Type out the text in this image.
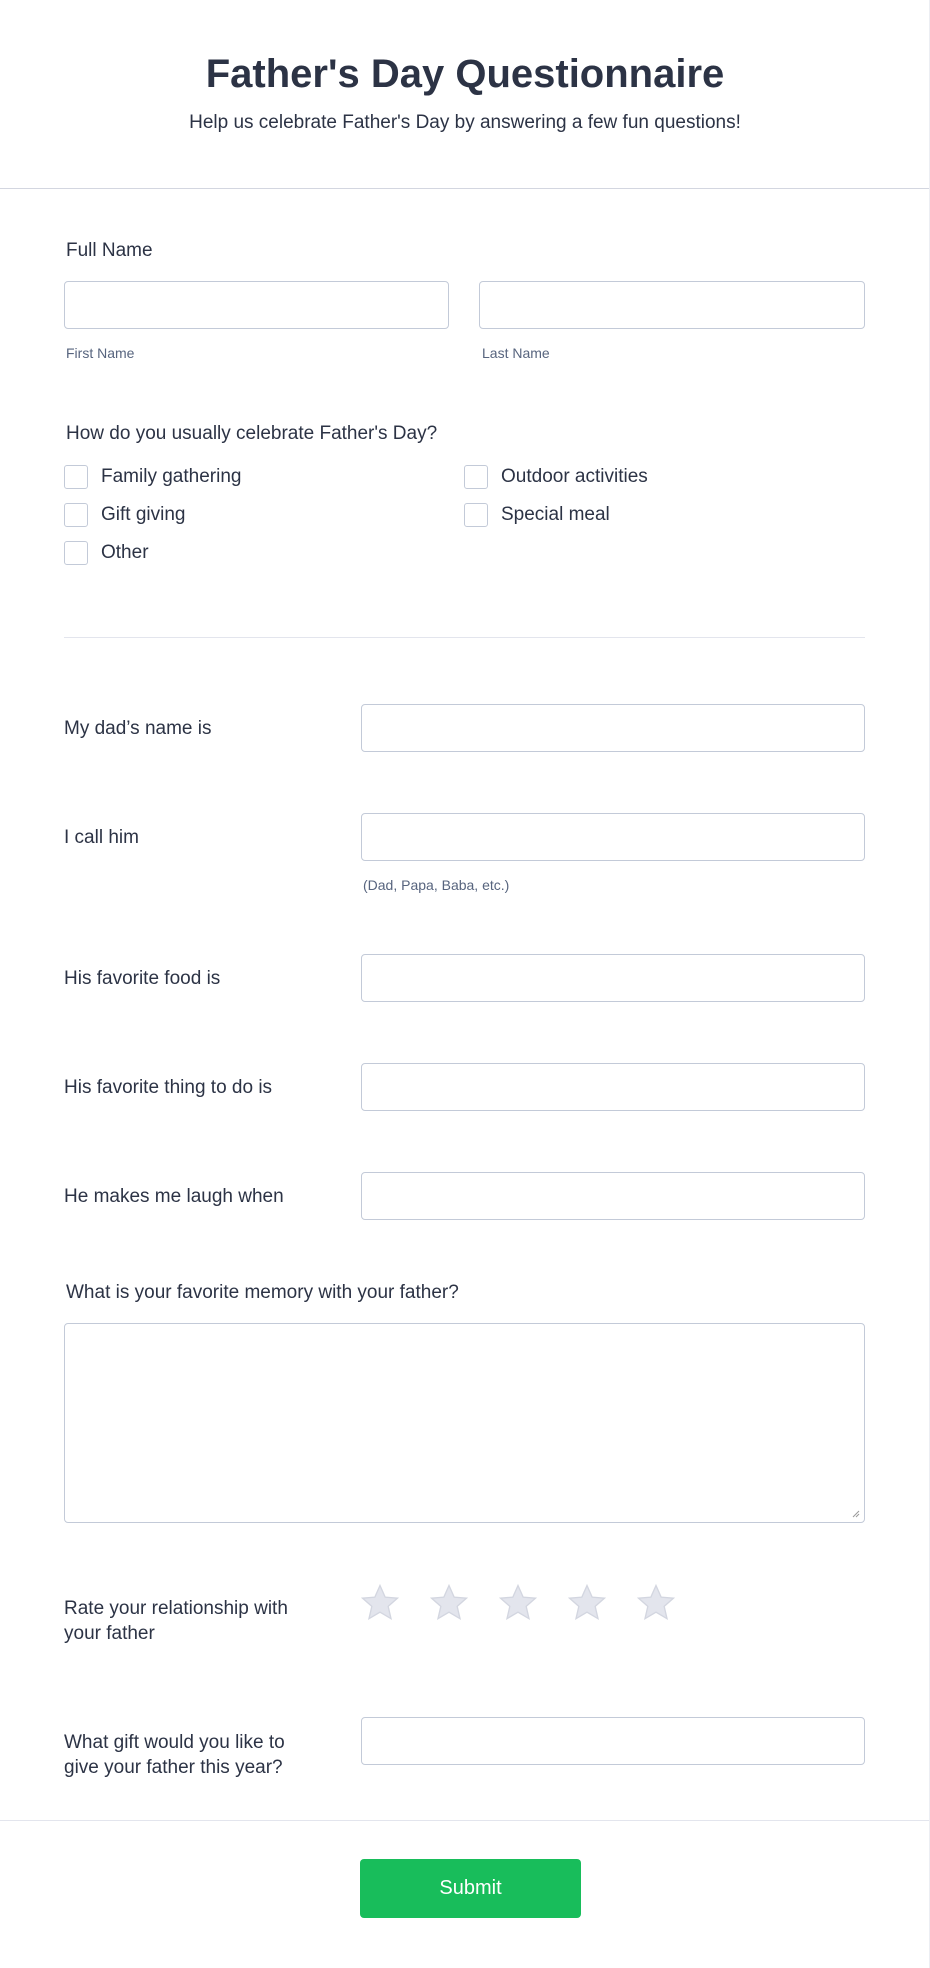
Father's Day Questionnaire
Help us celebrate Father's Day by answering a few fun questions!
Full Name
First Name	Last Name
How do you usually celebrate Father's Day?
Family gathering	Outdoor activities
Gift giving	Special meal
Other
My dad’s name is
I call him
(Dad, Papa, Baba, etc.)
His favorite food is
His favorite thing to do is
He makes me laugh when
What is your favorite memory with your father?
Rate your relationship with
your father
What gift would you like to
give your father this year?
Submit
